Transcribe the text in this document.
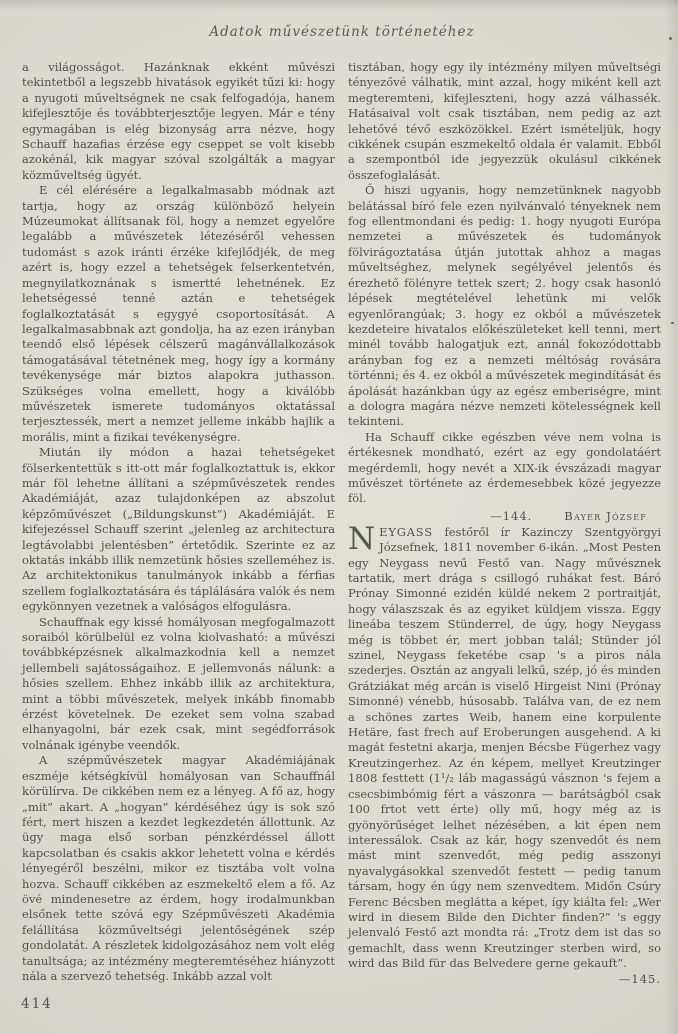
Adatok művészetünk történetéhez

a világosságot. Hazánknak ekként művészi tekintetből a legszebb hivatások egyikét tűzi ki: hogy a nyugoti műveltségnek ne csak felfogadója, hanem kifejlesztője és továbbterjesztője legyen. Már e tény egymagában is elég bizonyság arra nézve, hogy Schauff hazafias érzése egy cseppet se volt kisebb azokénál, kik magyar szóval szolgálták a magyar közműveltség ügyét.

E cél elérésére a legalkalmasabb módnak azt tartja, hogy az ország különböző helyein Múzeumokat állítsanak föl, hogy a nemzet egyelőre legalább a művészetek létezéséről vehessen tudomást s azok iránti érzéke kifejlődjék, de meg azért is, hogy ezzel a tehetségek felserkentetvén, megnyilatkoznának s ismertté lehetnének. Ez lehetségessé tenné aztán e tehetségek foglalkoztatását s egygyé csoportosítását. A legalkalmasabbnak azt gondolja, ha az ezen irányban teendő első lépések célszerű magánvállalkozások támogatásával tétetnének meg, hogy így a kormány tevékenysége már biztos alapokra juthasson. Szükséges volna emellett, hogy a kiválóbb művészetek ismerete tudományos oktatással terjesztessék, mert a nemzet jelleme inkább hajlik a morális, mint a fizikai tevékenységre.

Miután ily módon a hazai tehetségeket fölserkentettük s itt-ott már foglalkoztattuk is, ekkor már föl lehetne állítani a szépművészetek rendes Akadémiáját, azaz tulajdonképen az abszolut képzőművészet („Bildungskunst”) Akadémiáját. E kifejezéssel Schauff szerint „jelenleg az architectura legtávolabbi jelentésben” értetődik. Szerinte ez az oktatás inkább illik nemzetünk hősies szelleméhez is. Az architektonikus tanulmányok inkább a férfias szellem foglalkoztatására és táplálására valók és nem egykönnyen vezetnek a valóságos elfogulásra.

Schauffnak egy kissé homályosan megfogalmazott soraiból körülbelül ez volna kiolvasható: a művészi továbbképzésnek alkalmazkodnia kell a nemzet jellembeli sajátosságaihoz. E jellemvonás nálunk: a hősies szellem. Ehhez inkább illik az architektura, mint a többi művészetek, melyek inkább finomabb érzést követelnek. De ezeket sem volna szabad elhanyagolni, bár ezek csak, mint segédforrások volnának igénybe veendők.

A szépművészetek magyar Akadémiájának eszméje kétségkívül homályosan van Schauffnál körülírva. De cikkében nem ez a lényeg. A fő az, hogy „mit” akart. A „hogyan” kérdéséhez úgy is sok szó fért, mert hiszen a kezdet legkezdetén állottunk. Az ügy maga első sorban pénzkérdéssel állott kapcsolatban és csakis akkor lehetett volna e kérdés lényegéről beszélni, mikor ez tisztába volt volna hozva. Schauff cikkében az eszmekeltő elem a fő. Az övé mindenesetre az érdem, hogy irodalmunkban elsőnek tette szóvá egy Szépművészeti Akadémia felállítása közműveltségi jelentőségének szép gondolatát. A részletek kidolgozásához nem volt elég tanultsága; az intézmény megteremtéséhez hiányzott nála a szervező tehetség. Inkább azzal volt

tisztában, hogy egy ily intézmény milyen műveltségi tényezővé válhatik, mint azzal, hogy miként kell azt megteremteni, kifejleszteni, hogy azzá válhassék. Hatásaival volt csak tisztában, nem pedig az azt lehetővé tévő eszközökkel. Ezért ismételjük, hogy cikkének csupán eszmekeltő oldala ér valamit. Ebből a szempontból ide jegyezzük okulásul cikkének összefoglalását.

Ő hiszi ugyanis, hogy nemzetünknek nagyobb belátással bíró fele ezen nyilvánvaló tényeknek nem fog ellentmondani és pedig: 1. hogy nyugoti Európa nemzetei a művészetek és tudományok fölvirágoztatása útján jutottak ahhoz a magas műveltséghez, melynek segélyével jelentős és érezhető fölényre tettek szert; 2. hogy csak hasonló lépések megtételével lehetünk mi velők egyenlőrangúak; 3. hogy ez okból a művészetek kezdeteire hivatalos előkészületeket kell tenni, mert minél tovább halogatjuk ezt, annál fokozódottabb arányban fog ez a nemzeti méltóság rovására történni; és 4. ez okból a művészetek megindítását és ápolását hazánkban úgy az egész emberiségre, mint a dologra magára nézve nemzeti kötelességnek kell tekinteni.

Ha Schauff cikke egészben véve nem volna is értékesnek mondható, ezért az egy gondolatáért megérdemli, hogy nevét a XIX-ik évszázadi magyar művészet története az érdemesebbek közé jegyezze föl.

—144.	Bayer József

NEYGASS festőről ír Kazinczy Szentgyörgyi Józsefnek, 1811 november 6-ikán. „Most Pesten egy Neygass nevű Festő van. Nagy művésznek tartatik, mert drága s csillogó ruhákat fest. Báró Prónay Simonné ezidén küldé nekem 2 portraitját, hogy válaszszak és az egyiket küldjem vissza. Eggy lineába teszem Stünderrel, de úgy, hogy Neygass még is többet ér, mert jobban talál; Stünder jól szinel, Neygass feketébe csap 's a piros nála szederjes. Osztán az angyali lelkű, szép, jó és minden Grátziákat még arcán is viselő Hirgeist Nini (Prónay Simonné) vénebb, húsosabb. Találva van, de ez nem a schönes zartes Weib, hanem eine korpulente Hetäre, fast frech auf Eroberungen ausgehend. A ki magát festetni akarja, menjen Bécsbe Fügerhez vagy Kreutzingerhez. Az én képem, mellyet Kreutzinger 1808 festtett (1¹/₂ láb magasságú vásznon 's fejem a csecsbimbómig fért a vászonra — barátságból csak 100 frtot vett érte) olly mű, hogy még az is gyönyörűséget lelhet nézésében, a kit épen nem interessálok. Csak az kár, hogy szenvedőt és nem mást mint szenvedőt, még pedig asszonyi nyavalygásokkal szenvedőt festett — pedig tanum társam, hogy én úgy nem szenvedtem. Midőn Csúry Ferenc Bécsben meglátta a képet, így kiálta fel: „Wer wird in diesem Bilde den Dichter finden?” 's eggy jelenvaló Festő azt mondta rá: „Trotz dem ist das so gemachlt, dass wenn Kreutzinger sterben wird, so wird das Bild für das Belvedere gerne gekauft”.
—145.

414
